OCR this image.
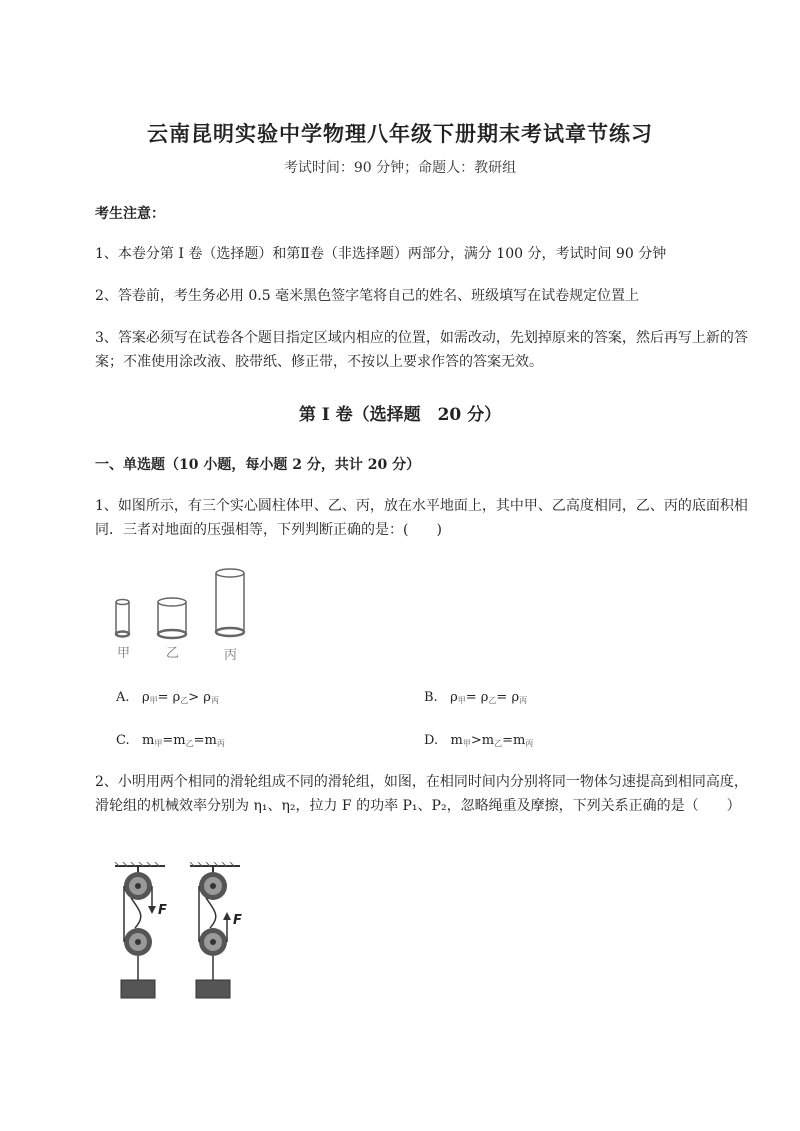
云南昆明实验中学物理八年级下册期末考试章节练习
考试时间：90 分钟；命题人：教研组
考生注意：
1、本卷分第 I 卷（选择题）和第Ⅱ卷（非选择题）两部分，满分 100 分，考试时间 90 分钟
2、答卷前，考生务必用 0.5 毫米黑色签字笔将自己的姓名、班级填写在试卷规定位置上
3、答案必须写在试卷各个题目指定区域内相应的位置，如需改动，先划掉原来的答案，然后再写上新的答案；不准使用涂改液、胶带纸、修正带，不按以上要求作答的答案无效。
第 I 卷（选择题　20 分）
一、单选题（10 小题，每小题 2 分，共计 20 分）
1、如图所示，有三个实心圆柱体甲、乙、丙，放在水平地面上，其中甲、乙高度相同，乙、丙的底面积相同．三者对地面的压强相等，下列判断正确的是：(　　)
甲	乙	丙
A. $\rho_甲= \rho_乙> \rho_丙$	B. $\rho_甲= \rho_乙= \rho_丙$
C. $m_甲=m_乙=m_丙$	D. $m_甲>m_乙=m_丙$
2、小明用两个相同的滑轮组成不同的滑轮组，如图，在相同时间内分别将同一物体匀速提高到相同高度，滑轮组的机械效率分别为 η₁、η₂，拉力 F 的功率 P₁、P₂，忽略绳重及摩擦，下列关系正确的是（　　）
F
F
